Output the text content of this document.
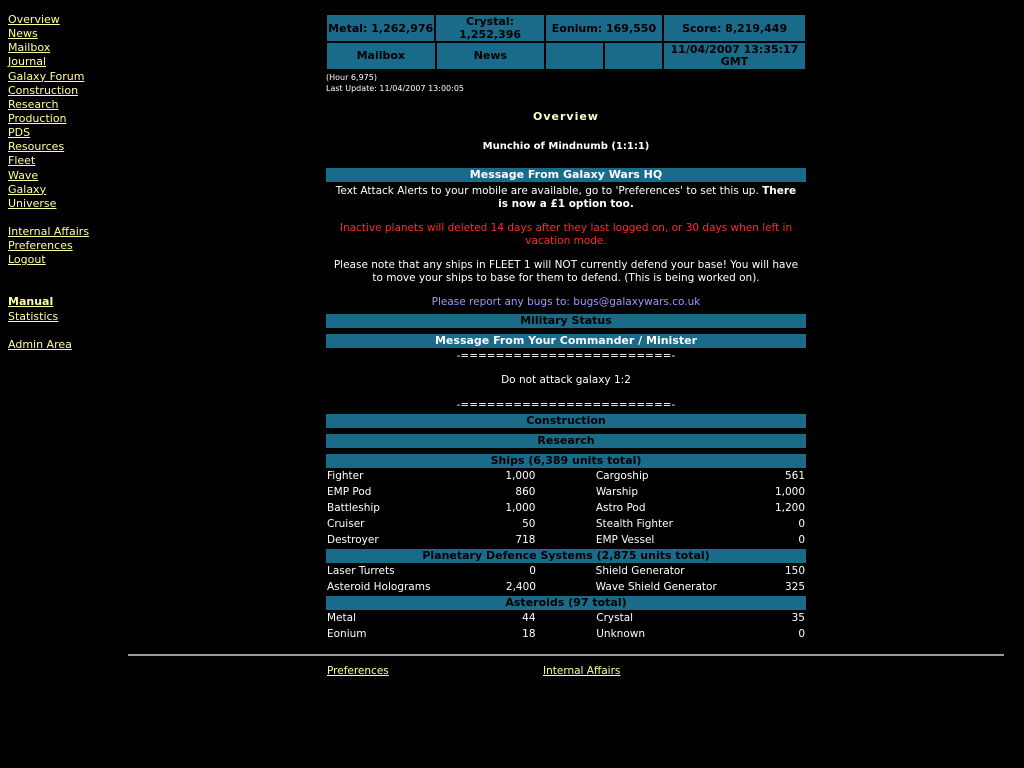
Overview
News
Mailbox
Journal
Galaxy Forum
Construction
Research
Production
PDS
Resources
Fleet
Wave
Galaxy
Universe
Internal Affairs
Preferences
Logout
Manual
Statistics
Admin Area
Metal: 1,262,976	Crystal: 1,252,396	Eonium: 169,550	Score: 8,219,449
Mailbox	News			11/04/2007 13:35:17 GMT
(Hour 6,975)
Last Update: 11/04/2007 13:00:05
Overview
Munchio of Mindnumb (1:1:1)
Message From Galaxy Wars HQ

Text Attack Alerts to your mobile are available, go to 'Preferences' to set this up. There is now a £1 option too.

Inactive planets will deleted 14 days after they last logged on, or 30 days when left in vacation mode.

Please note that any ships in FLEET 1 will NOT currently defend your base! You will have to move your ships to base for them to defend. (This is being worked on).

Please report any bugs to: bugs@galaxywars.co.uk

Military Status
Message From Your Commander / Minister

-========================-

Do not attack galaxy 1:2

-========================-

Construction
Research
Ships (6,389 units total)
Fighter	1,000		Cargoship	561
EMP Pod	860		Warship	1,000
Battleship	1,000		Astro Pod	1,200
Cruiser	50		Stealth Fighter	0
Destroyer	718		EMP Vessel	0
Planetary Defence Systems (2,875 units total)
Laser Turrets	0		Shield Generator	150
Asteroid Holograms	2,400		Wave Shield Generator	325
Asteroids (97 total)
Metal	44		Crystal	35
Eonium	18		Unknown	0
Preferences	Internal Affairs
